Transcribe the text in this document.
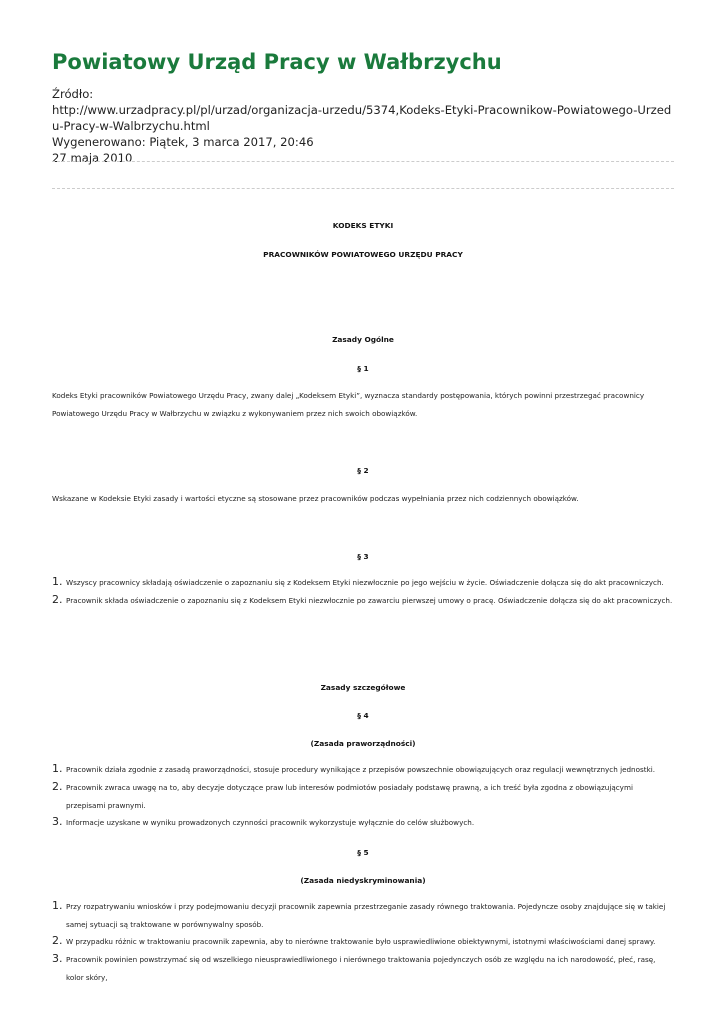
Powiatowy Urząd Pracy w Wałbrzychu
Źródło:
http://www.urzadpracy.pl/pl/urzad/organizacja-urzedu/5374,Kodeks-Etyki-Pracownikow-Powiatowego-Urzedu-Pracy-w-Walbrzychu.html
Wygenerowano: Piątek, 3 marca 2017, 20:46
27 maja 2010
KODEKS ETYKI
PRACOWNIKÓW POWIATOWEGO URZĘDU PRACY
Zasady Ogólne
§ 1
Kodeks Etyki pracowników Powiatowego Urzędu Pracy, zwany dalej „Kodeksem Etyki”, wyznacza standardy postępowania, których powinni przestrzegać pracownicy Powiatowego Urzędu Pracy w Wałbrzychu w związku z wykonywaniem przez nich swoich obowiązków.
§ 2
Wskazane w Kodeksie Etyki zasady i wartości etyczne są stosowane przez pracowników podczas wypełniania przez nich codziennych obowiązków.
§ 3
1. Wszyscy pracownicy składają oświadczenie o zapoznaniu się z Kodeksem Etyki niezwłocznie po jego wejściu w życie. Oświadczenie dołącza się do akt pracowniczych.
2. Pracownik składa oświadczenie o zapoznaniu się z Kodeksem Etyki niezwłocznie po zawarciu pierwszej umowy o pracę. Oświadczenie dołącza się do akt pracowniczych.
Zasady szczegółowe
§ 4
(Zasada praworządności)
1. Pracownik działa zgodnie z zasadą praworządności, stosuje procedury wynikające z przepisów powszechnie obowiązujących oraz regulacji wewnętrznych jednostki.
2. Pracownik zwraca uwagę na to, aby decyzje dotyczące praw lub interesów podmiotów posiadały podstawę prawną, a ich treść była zgodna z obowiązującymi przepisami prawnymi.
3. Informacje uzyskane w wyniku prowadzonych czynności pracownik wykorzystuje wyłącznie do celów służbowych.
§ 5
(Zasada niedyskryminowania)
1. Przy rozpatrywaniu wniosków i przy podejmowaniu decyzji pracownik zapewnia przestrzeganie zasady równego traktowania. Pojedyncze osoby znajdujące się w takiej samej sytuacji są traktowane w porównywalny sposób.
2. W przypadku różnic w traktowaniu pracownik zapewnia, aby to nierówne traktowanie było usprawiedliwione obiektywnymi, istotnymi właściwościami danej sprawy.
3. Pracownik powinien powstrzymać się od wszelkiego nieusprawiedliwionego i nierównego traktowania pojedynczych osób ze względu na ich narodowość, płeć, rasę, kolor skóry,
